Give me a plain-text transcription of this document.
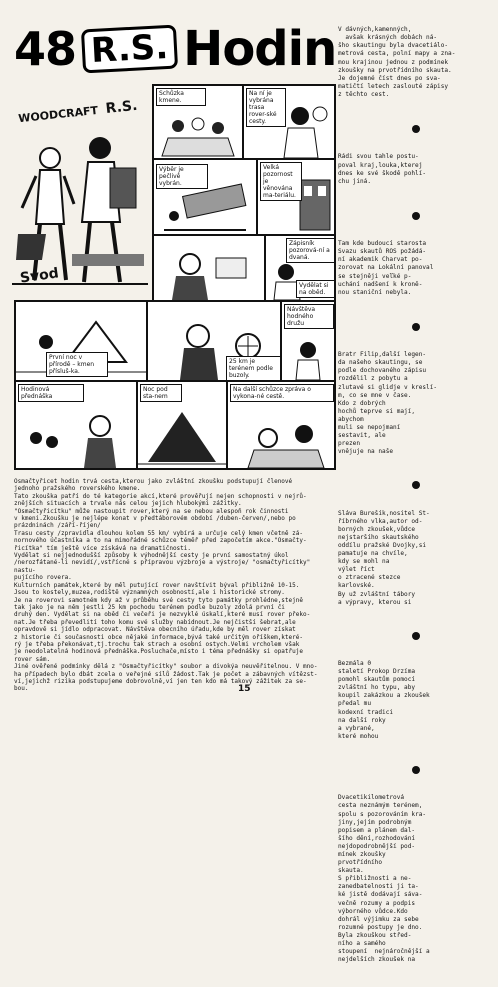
48 R.S. Hodin
WOODCRAFT R.S.
Svod
Schůzka kmene.
Na ní je vybrána trasa rover-ské cesty.
Výběr je pečlivě vybrán.
Velká pozornost je věnována ma-teriálu.
Zápisník pozorová-ní a dvaná.
Vydělat si na oběd.
První noc v přírodě – kmen přísluš-ka.
25 km je terénem podle buzoly.
Návštěva hodného družu
Hodinová přednáška
Noc pod sta-nem
Na další schůzce zpráva o vykona-né cestě.

V dávných,kamenných,
avšak krásných dobách ná-
šho skautingu byla dvacetiálo-
metrová cesta, polní mapy a zna-
mou krajinou jednou z podmínek
zkoušky na prvotřídního skauta.
Je dojemné číst dnes po sva-
matičtí letech zaslouté zápisy
z těchto cest.

Rádi svou tahle postu-
poval kraj,louka,kterej
dnes ke své škodě pohlí-
chu jiná.

Tam kde budoucí starosta
Svazu skautů ROS požádá-
ní akademik Charvat po-
zorovat na Lokální panoval
se stejněji veľké p-
uchání nadšení k kroně-
nou staniční nebyla.

Bratr Filip,další legen-
da našeho skautingu, se
podle dochovaného zápisu
rozdělil z pobytu a
zlutavé si glidje v kreslí-
m, co se mne v čase.
Kdo z dobrých
hochů teprve si mají,
abychom
muli se nepojmaní
sestavit, ale
prezen
vnějuje na naše

Sláva Burešík,nositel St-
říbrného vlka,autor od-
borných zkoušek,vůdce
nejstaršího skautského
oddílu pražské Dvojky,si
pamatuje na chvíle,
kdy se mohl na
výlet říct
o ztracené stezce
karlovské.
By už zvláštní tábory
a výpravy, kterou si

Bezmála 0
staletí Prokop Drzíma
pomohl skautům pomocí
zvláštní ho typu, aby
koupil zakázkou a zkoušek
předal mu
kodexní tradici
na další roky
a vybrané,
které mohou

Dvacetikilometrová
cesta neznámým terénem,
spolu s pozorováním kra-
jiny,jejím podrobným
popisem a plánem dal-
šího dění,rozhodování
nejdopodrobnější pod-
mínek zkoušky
prvotřídního
skauta.
S přibližnosti a ne-
zanedbatelnosti ji ta-
ké jistě dodávají sáva-
večně rozumy a podpis
výborného vůdce.Kdo
dohrál výjimku za sebe
rozumné postupy je dno.
Byla zkouškou střed-
ního a samého
stoupení  nejnáročnější a
nejdelších zkoušek na

Osmačtyřicet hodin trvá cesta,kterou jako zvláštní zkoušku podstupují členové
jednoho pražského roverského kmene.
Tato zkouška patří do té kategorie akcí,které prověřují nejen schopnosti v nejrů-
znějších situacích a trvale nás celou jejich hlubokými zážitky.
"Osmačtyřicítku" může nastoupit rover,který na se nebou alespoň rok činnosti
v kmeni.Zkoušku je nejlépe konat v předtáborovém období /duben-červen/,nebo po
prázdninách /září-říjen/
Trasu cesty /zpravidla dlouhou kolem 55 km/ vybírá a určuje celý kmen včetně zá-
nornového účastníka a to na mimořádné schůzce téměř před započetím akce."Osmačty-
řicítka" tím ještě více získává na dramatičnosti.
Vydělat si nejjednodušší způsoby k výhodnější cesty je první samostatný úkol
/nerozfátané-li nevidí/,vstřícné s přípravou výzbroje a výstroje/ "osmačtyřicítky" nastu-
pujícího rovera.
Kulturních památek,které by měl putující rover navštívit býval přibližně 10-15.
Jsou to kostely,muzea,rodiště významných osobností,ale i historické stromy.
Je na roverovi samotném kdy až v průběhu své cesty tyto památky prohlédne,stejně
tak jako je na něm jestli 25 km pochodu terénem podle buzoly zdolá první či
druhý den. Vydělat si na oběd či večeři je nezvyklé úskalí,které musí rover překo-
nat.Je třeba převedlití toho komu své služby nabídnout.Je nejčistší šebrat,ale
opravdově si jídlo odpracovat. Návštěva obecního úřadu,kde by měl rover získat
z historie či současnosti obce nějaké informace,bývá také určitým oříškem,které-
rý je třeba překonávat,tj.trochu tak strach a osobní ostych.Velmi vrcholem však
je neodolatelná hodinová přednáška.Posluchače,místo i téma přednášky si opatřuje
rover sám.
Jiné ověřené podmínky dělá z "Osmačtyřicítky" soubor a divokýa neuvěřitelnou. V mno-
ha případech bylo dbát zcela o veřejné sílů žádost.Tak je počet a zábavných vítězst-
ví,jejichž rizika podstupujeme dobrovolně,ví jen ten kdo má takový zážitek za se-
bou.	15
